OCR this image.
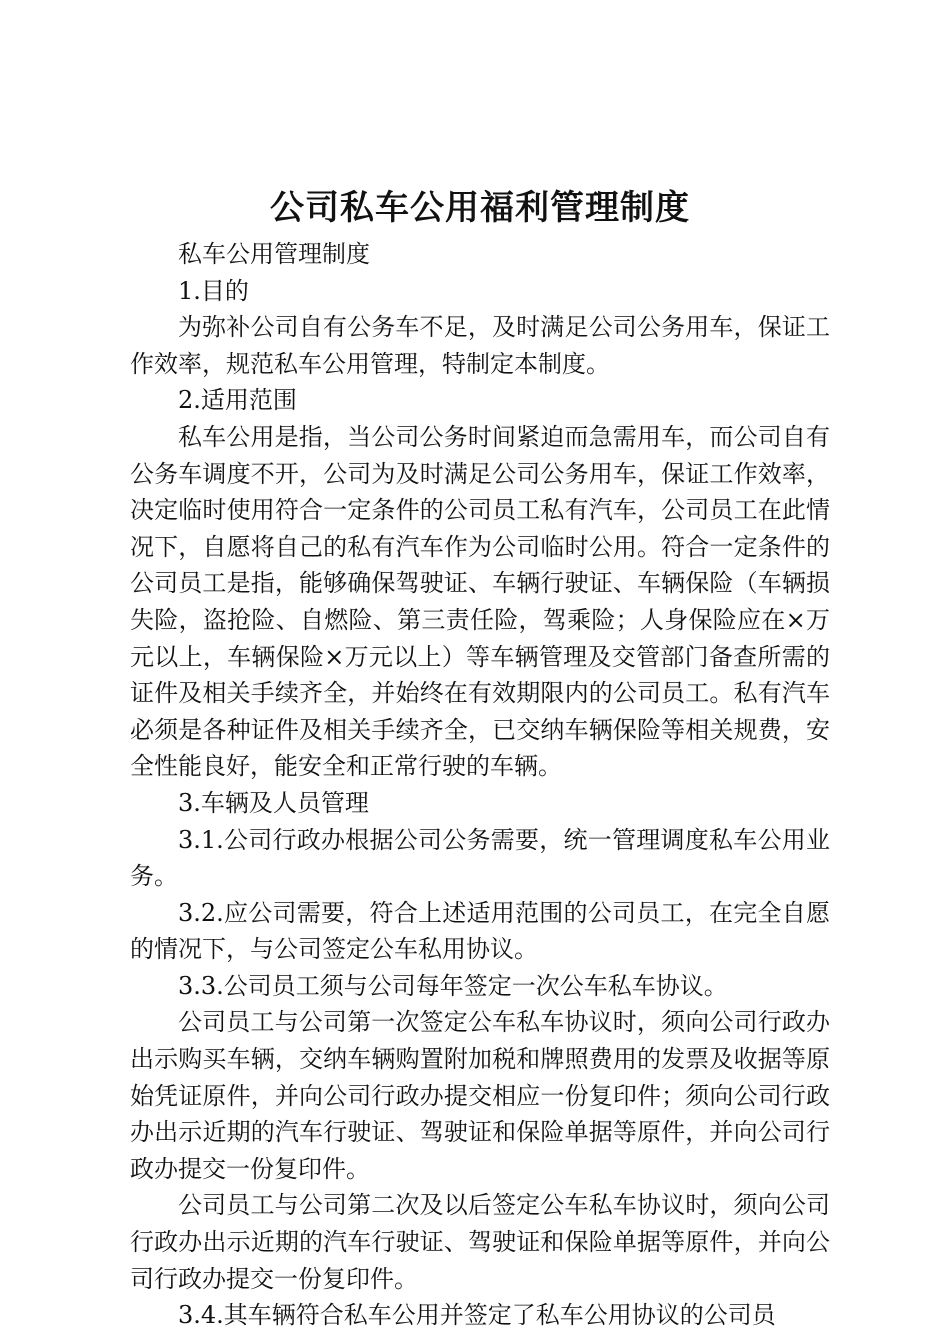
公司私车公用福利管理制度

私车公用管理制度

1.目的

为弥补公司自有公务车不足，及时满足公司公务用车，保证工作效率，规范私车公用管理，特制定本制度。

2.适用范围

私车公用是指，当公司公务时间紧迫而急需用车，而公司自有公务车调度不开，公司为及时满足公司公务用车，保证工作效率，决定临时使用符合一定条件的公司员工私有汽车，公司员工在此情况下，自愿将自己的私有汽车作为公司临时公用。符合一定条件的公司员工是指，能够确保驾驶证、车辆行驶证、车辆保险（车辆损失险，盗抢险、自燃险、第三责任险，驾乘险；人身保险应在×万元以上，车辆保险×万元以上）等车辆管理及交管部门备查所需的证件及相关手续齐全，并始终在有效期限内的公司员工。私有汽车必须是各种证件及相关手续齐全，已交纳车辆保险等相关规费，安全性能良好，能安全和正常行驶的车辆。

3.车辆及人员管理

3.1.公司行政办根据公司公务需要，统一管理调度私车公用业务。

3.2.应公司需要，符合上述适用范围的公司员工，在完全自愿的情况下，与公司签定公车私用协议。

3.3.公司员工须与公司每年签定一次公车私车协议。

公司员工与公司第一次签定公车私车协议时，须向公司行政办出示购买车辆，交纳车辆购置附加税和牌照费用的发票及收据等原始凭证原件，并向公司行政办提交相应一份复印件；须向公司行政办出示近期的汽车行驶证、驾驶证和保险单据等原件，并向公司行政办提交一份复印件。

公司员工与公司第二次及以后签定公车私车协议时，须向公司行政办出示近期的汽车行驶证、驾驶证和保险单据等原件，并向公司行政办提交一份复印件。

3.4.其车辆符合私车公用并签定了私车公用协议的公司员
